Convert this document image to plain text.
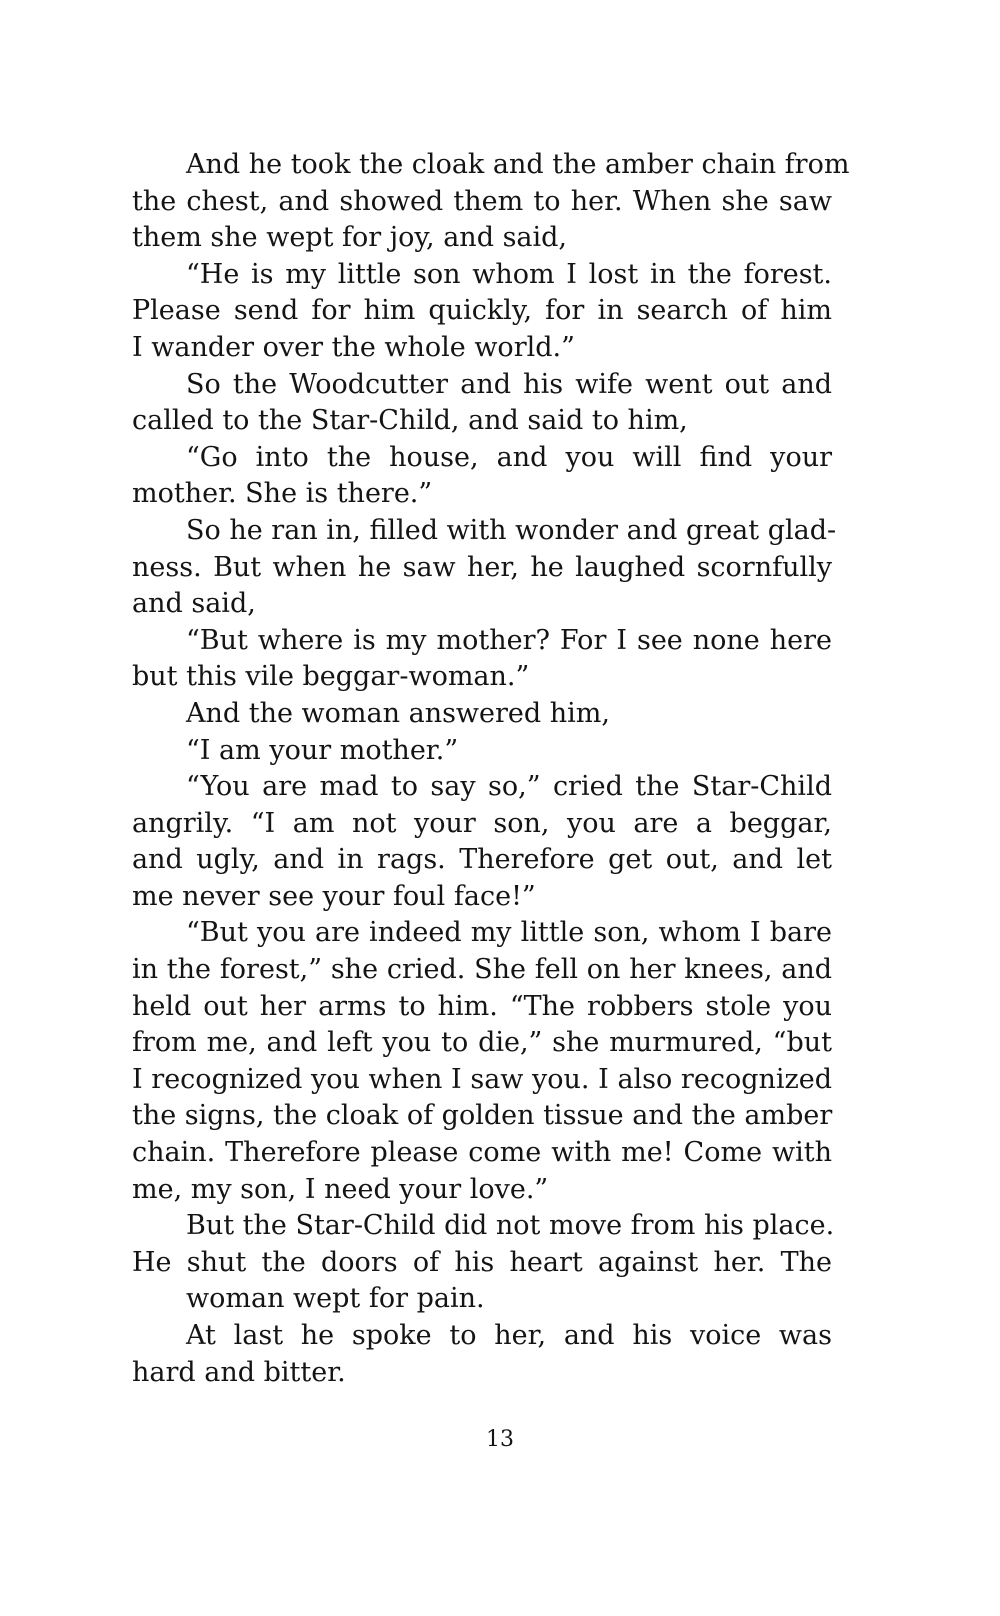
And he took the cloak and the amber chain from
the chest, and showed them to her. When she saw
them she wept for joy, and said,
“He is my little son whom I lost in the forest.
Please send for him quickly, for in search of him
I wander over the whole world.”
So the Woodcutter and his wife went out and
called to the Star-Child, and said to him,
“Go into the house, and you will find your
mother. She is there.”
So he ran in, filled with wonder and great glad-
ness. But when he saw her, he laughed scornfully
and said,
“But where is my mother? For I see none here
but this vile beggar-woman.”
And the woman answered him,
“I am your mother.”
“You are mad to say so,” cried the Star-Child
angrily. “I am not your son, you are a beggar,
and ugly, and in rags. Therefore get out, and let
me never see your foul face!”
“But you are indeed my little son, whom I bare
in the forest,” she cried. She fell on her knees, and
held out her arms to him. “The robbers stole you
from me, and left you to die,” she murmured, “but
I recognized you when I saw you. I also recognized
the signs, the cloak of golden tissue and the amber
chain. Therefore please come with me! Come with
me, my son, I need your love.”
But the Star-Child did not move from his place.
He shut the doors of his heart against her. The
woman wept for pain.
At last he spoke to her, and his voice was
hard and bitter.
13
